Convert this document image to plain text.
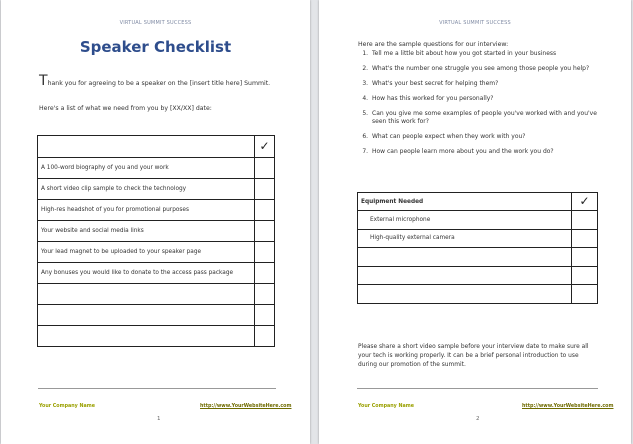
VIRTUAL SUMMIT SUCCESS
Speaker Checklist
Thank you for agreeing to be a speaker on the [insert title here] Summit.
Here's a list of what we need from you by [XX/XX] date:
	✓
A 100-word biography of you and your work	
A short video clip sample to check the technology	
High-res headshot of you for promotional purposes	
Your website and social media links	
Your lead magnet to be uploaded to your speaker page	
Any bonuses you would like to donate to the access pass package	

Your Company Name	http://www.YourWebsiteHere.com
1
VIRTUAL SUMMIT SUCCESS
Here are the sample questions for our interview:
1. Tell me a little bit about how you got started in your business
2. What's the number one struggle you see among those people you help?
3. What's your best secret for helping them?
4. How has this worked for you personally?
5. Can you give me some examples of people you've worked with and you've seen this work for?
6. What can people expect when they work with you?
7. How can people learn more about you and the work you do?
Equipment Needed	✓
External microphone	
High-quality external camera	

Please share a short video sample before your interview date to make sure all your tech is working properly. It can be a brief personal introduction to use during our promotion of the summit.
Your Company Name	http://www.YourWebsiteHere.com
2
